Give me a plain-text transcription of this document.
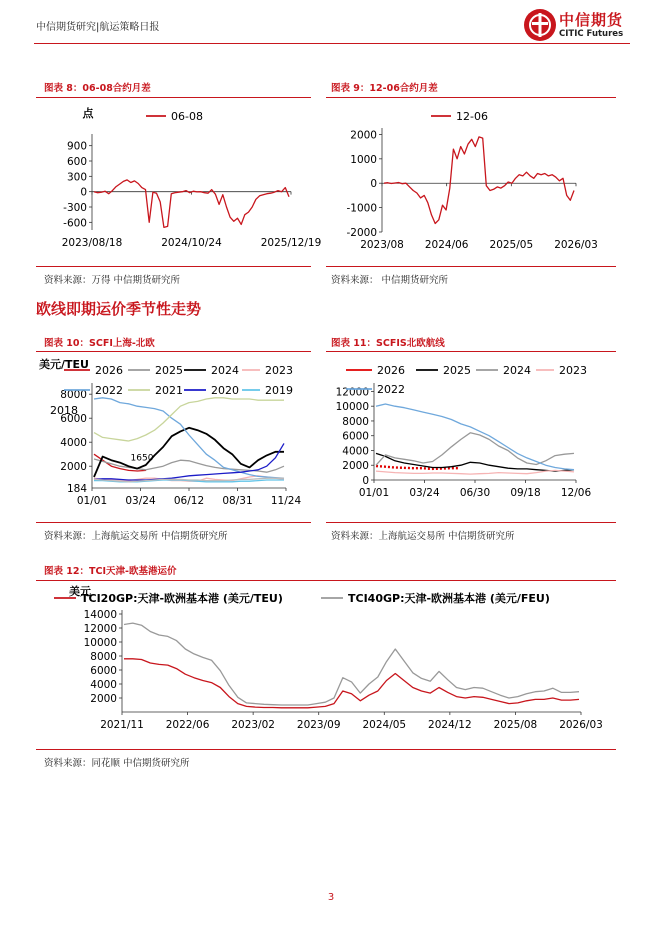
中信期货研究|航运策略日报	中信期货
CITIC Futures
图表 8：06-08合约月差
900
600
300
0
-300
-600
2023/08/18	2024/10/24	2025/12/19
06-08
点
资料来源：万得 中信期货研究所
图表 9：12-06合约月差
2000
1000
0
-1000
-2000
2023/08 2024/06 2025/05 2026/03
12-06
资料来源： 中信期货研究所
欧线即期运价季节性走势
图表 10：SCFI上海-北欧
8000
6000
4000
2000
184
01/01 03/24 06/12 08/31 11/24
2026	2025	2024 2023
2022	2021	2020 2019
2018
美元/TEU
1650
资料来源：上海航运交易所 中信期货研究所
图表 11：SCFIS北欧航线
12000
10000
8000
6000
4000
2000
0
01/01 03/24 06/30 09/18 12/06
2026	2025	2024	2023
2022
资料来源：上海航运交易所 中信期货研究所
图表 12：TCI天津-欧基港运价
14000
12000
10000
8000
6000
4000
2000
2021/11 2022/06 2023/02 2023/09 2024/05 2024/12 2025/08 2026/03
TCI20GP:天津-欧洲基本港 (美元/TEU)	TCI40GP:天津-欧洲基本港 (美元/FEU)
美元
资料来源：同花顺 中信期货研究所
3
